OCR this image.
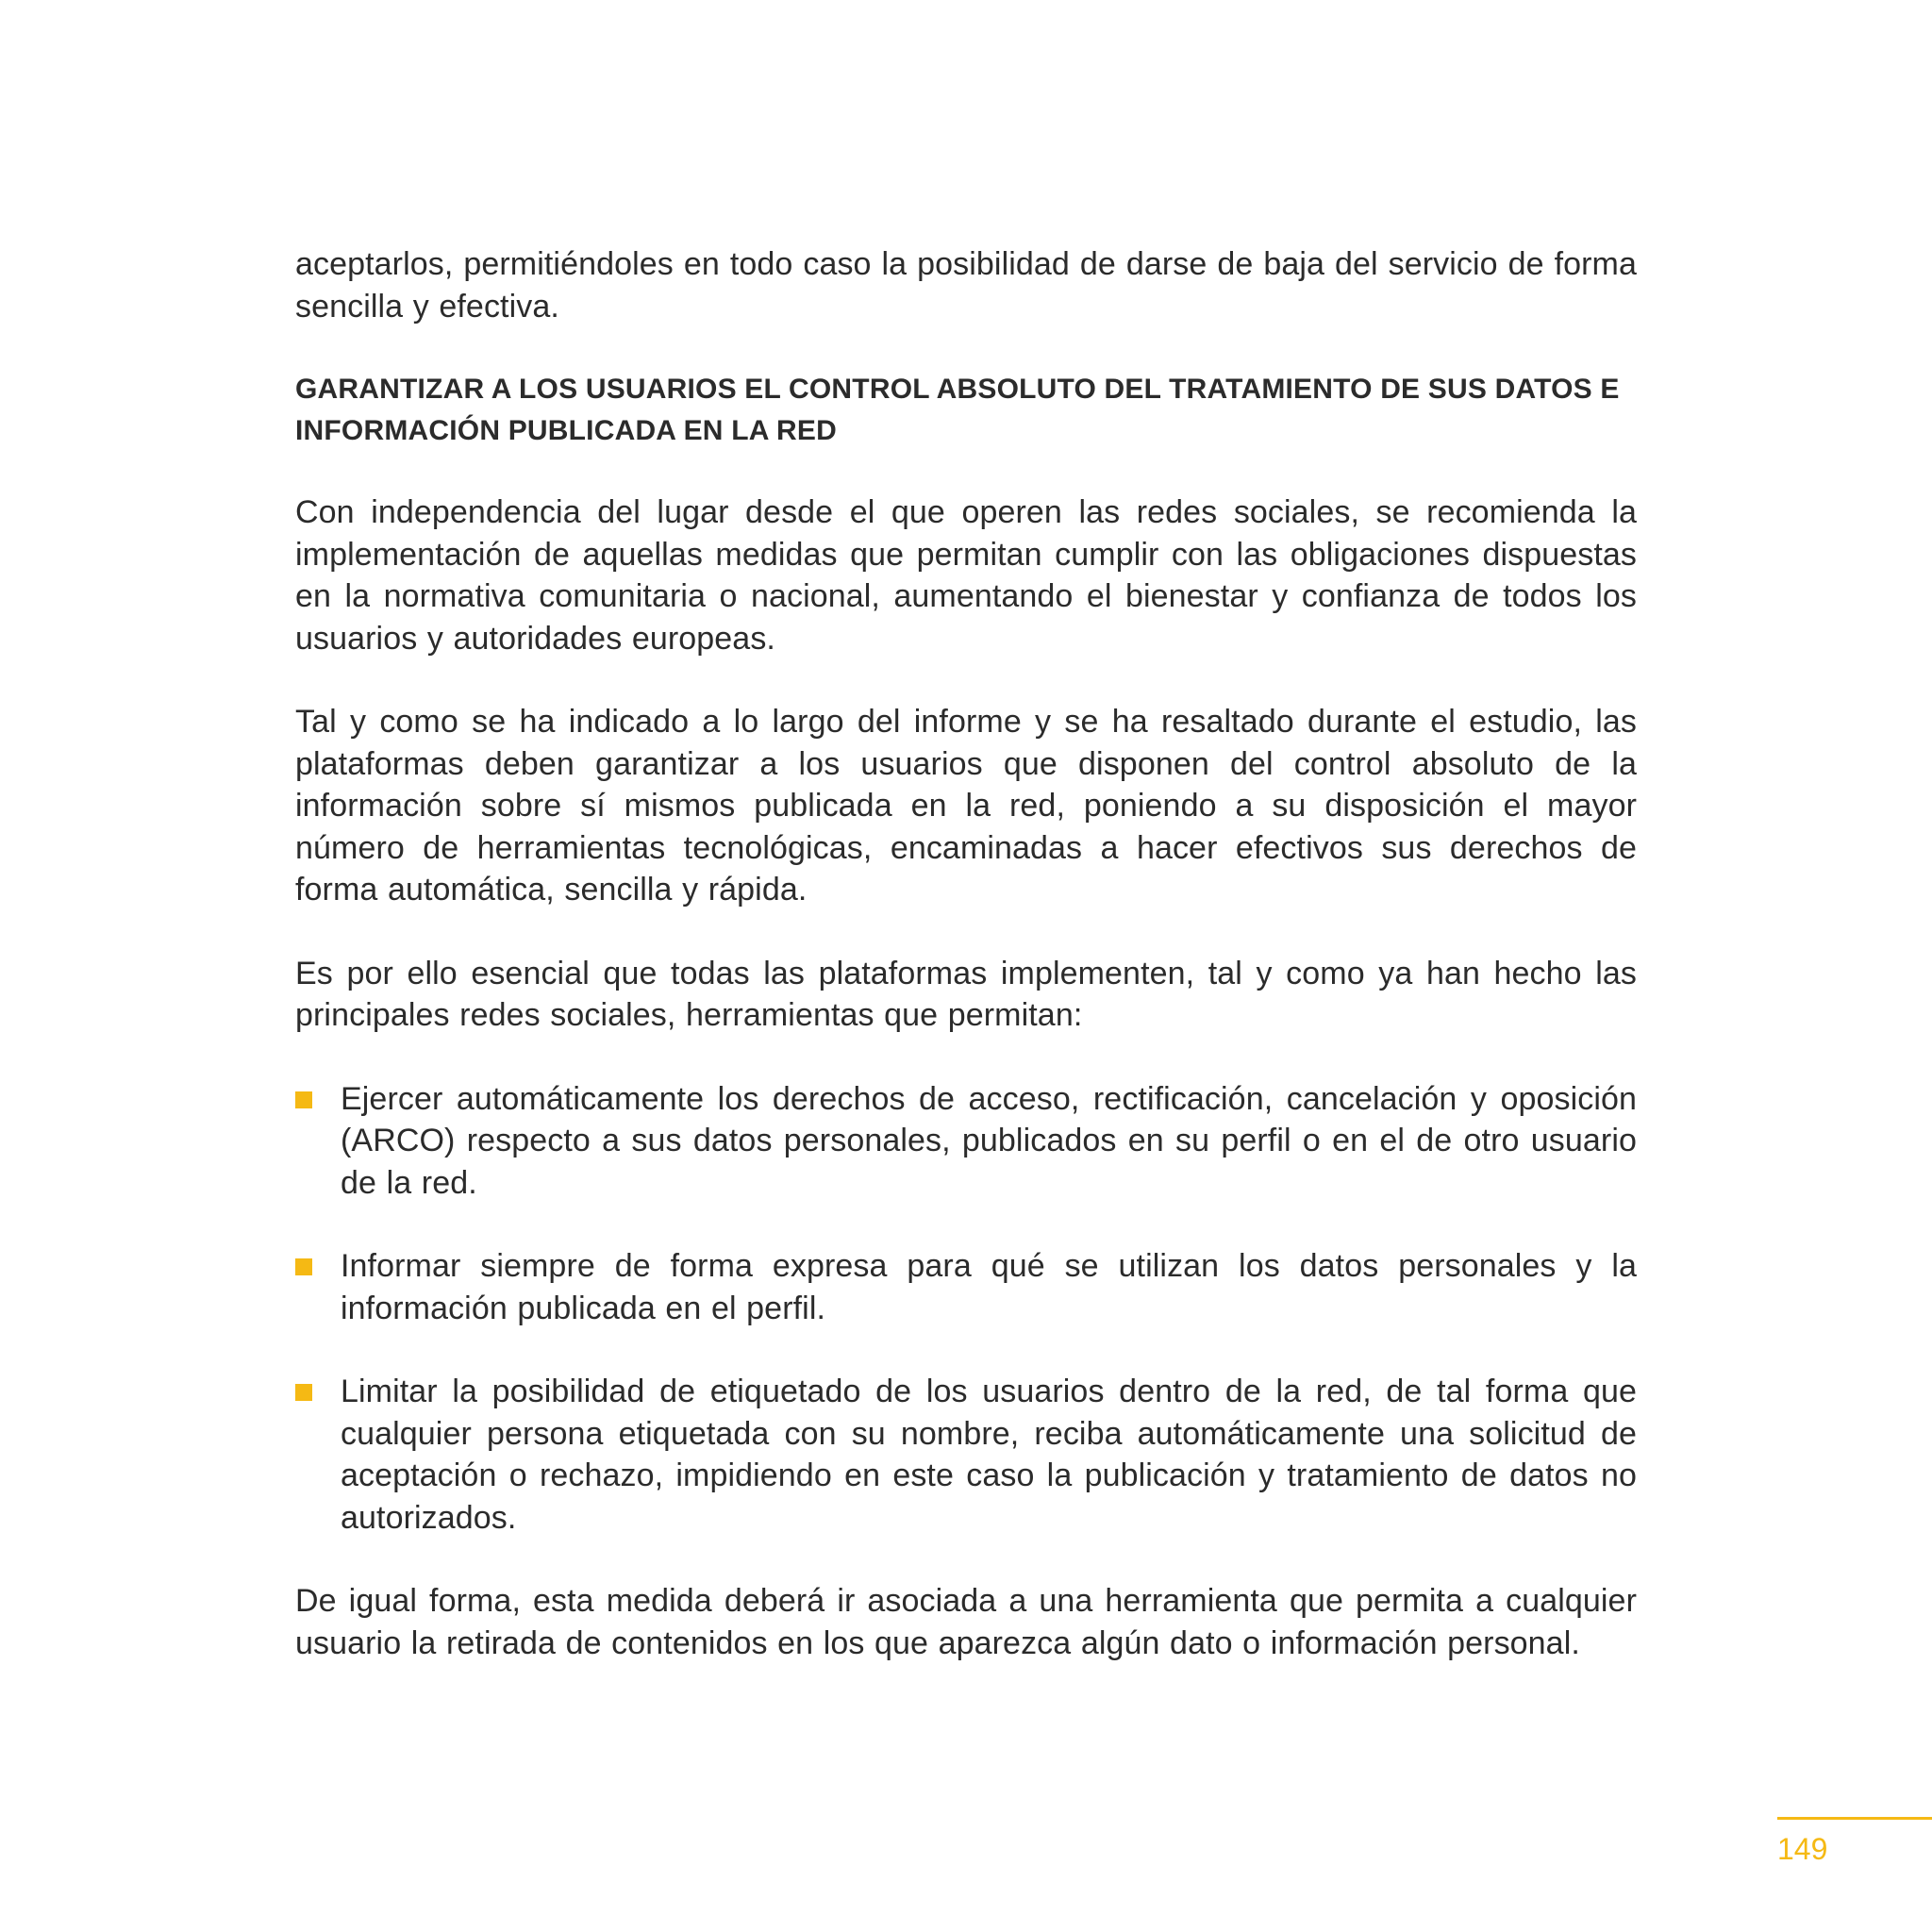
aceptarlos, permitiéndoles en todo caso la posibilidad de darse de baja del servicio de forma sencilla y efectiva.

GARANTIZAR A LOS USUARIOS EL CONTROL ABSOLUTO DEL TRATAMIENTO DE SUS DATOS E INFORMACIÓN PUBLICADA EN LA RED

Con independencia del lugar desde el que operen las redes sociales, se recomienda la implementación de aquellas medidas que permitan cumplir con las obligaciones dispuestas en la normativa comunitaria o nacional, aumentando el bienestar y confianza de todos los usuarios y autoridades europeas.

Tal y como se ha indicado a lo largo del informe y se ha resaltado durante el estudio, las plataformas deben garantizar a los usuarios que disponen del control absoluto de la información sobre sí mismos publicada en la red, poniendo a su disposición el mayor número de herramientas tecnológicas, encaminadas a hacer efectivos sus derechos de forma automática, sencilla y rápida.

Es por ello esencial que todas las plataformas implementen, tal y como ya han hecho las principales redes sociales, herramientas que permitan:

Ejercer automáticamente los derechos de acceso, rectificación, cancelación y oposición (ARCO) respecto a sus datos personales, publicados en su perfil o en el de otro usuario de la red.

Informar siempre de forma expresa para qué se utilizan los datos personales y la información publicada en el perfil.

Limitar la posibilidad de etiquetado de los usuarios dentro de la red, de tal forma que cualquier persona etiquetada con su nombre, reciba automáticamente una solicitud de aceptación o rechazo, impidiendo en este caso la publicación y tratamiento de datos no autorizados.

De igual forma, esta medida deberá ir asociada a una herramienta que permita a cualquier usuario la retirada de contenidos en los que aparezca algún dato o información personal.

149
